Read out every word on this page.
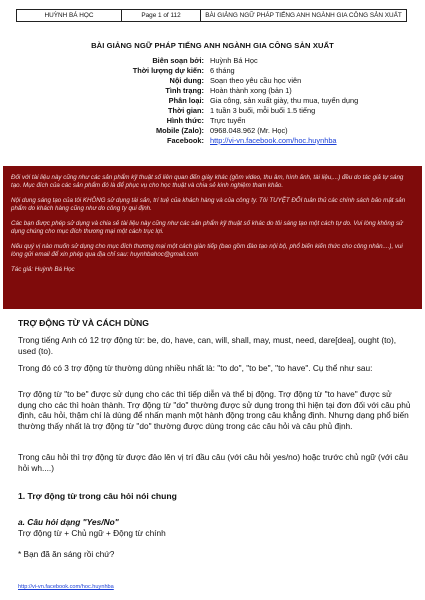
HUỲNH BÁ HỌC	Page 1 of 112	BÀI GIẢNG NGỮ PHÁP TIẾNG ANH NGÀNH GIA CÔNG SẢN XUẤT
BÀI GIẢNG NGỮ PHÁP TIẾNG ANH NGÀNH GIA CÔNG SẢN XUẤT
Biên soạn bởi: Huỳnh Bá Học
Thời lượng dự kiến: 6 tháng
Nội dung: Soạn theo yêu cầu học viên
Tình trạng: Hoàn thành xong (bản 1)
Phân loại: Gia công, sản xuất giày, thu mua, tuyển dụng
Thời gian: 1 tuần 3 buổi, mỗi buổi 1.5 tiếng
Hình thức: Trực tuyến
Mobile (Zalo): 0968.048.962 (Mr. Học)
Facebook: http://vi-vn.facebook.com/hoc.huynhba

Đối với tài liệu này cũng như các sản phẩm kỹ thuật số liên quan đến giày khác (gồm video, thu âm, hình ảnh, tài liệu,...) đều do tác giả tự sáng tạo. Mục đích của các sản phẩm đó là để phục vụ cho học thuật và chia sẻ kinh nghiệm tham khảo.

Nội dung sáng tạo của tôi KHÔNG sử dụng tài sản, trí tuệ của khách hàng và của công ty. Tôi TUYỆT ĐỐI tuân thủ các chính sách bảo mật sản phẩm do khách hàng cũng như do công ty qui định.

Các bạn được phép sử dụng và chia sẻ tài liệu này cũng như các sản phẩm kỹ thuật số khác do tôi sáng tạo một cách tự do. Vui lòng không sử dụng chúng cho mục đích thương mại một cách trục lợi.

Nếu quý vị nào muốn sử dụng cho mục đích thương mại một cách giàn tiếp (bao gồm đào tạo nội bộ, phổ biến kiến thức cho công nhân....), vui lòng gửi email để xin phép qua địa chỉ sau: huynhbahoc@gmail.com

Tác giả: Huỳnh Bá Học

TRỢ ĐỘNG TỪ VÀ CÁCH DÙNG
Trong tiếng Anh có 12 trợ động từ: be, do, have, can, will, shall, may, must, need, dare[dea], ought (to), used (to).
Trong đó có 3 trợ động từ thường dùng nhiều nhất là: "to do", "to be", "to have". Cụ thể như sau:
Trợ động từ "to be" được sử dụng cho các thì tiếp diễn và thể bị động. Trợ động từ "to have" được sử dụng cho các thì hoàn thành. Trợ động từ "do" thường được sử dụng trong thì hiện tại đơn đối với câu phủ định, câu hỏi, thậm chí là dùng để nhấn mạnh một hành động trong câu khẳng định. Nhưng dạng phổ biến thường thấy nhất là trợ động từ "do" thường được dùng trong các câu hỏi và câu phủ định.
Trong câu hỏi thì trợ động từ được đảo lên vị trí đầu câu (với câu hỏi yes/no) hoặc trước chủ ngữ (với câu hỏi wh....)
1. Trợ động từ trong câu hỏi nói chung
a. Câu hỏi dạng "Yes/No"
Trợ động từ + Chủ ngữ + Động từ chính
* Bạn đã ăn sáng rồi chứ?
http://vi-vn.facebook.com/hoc.huynhba
